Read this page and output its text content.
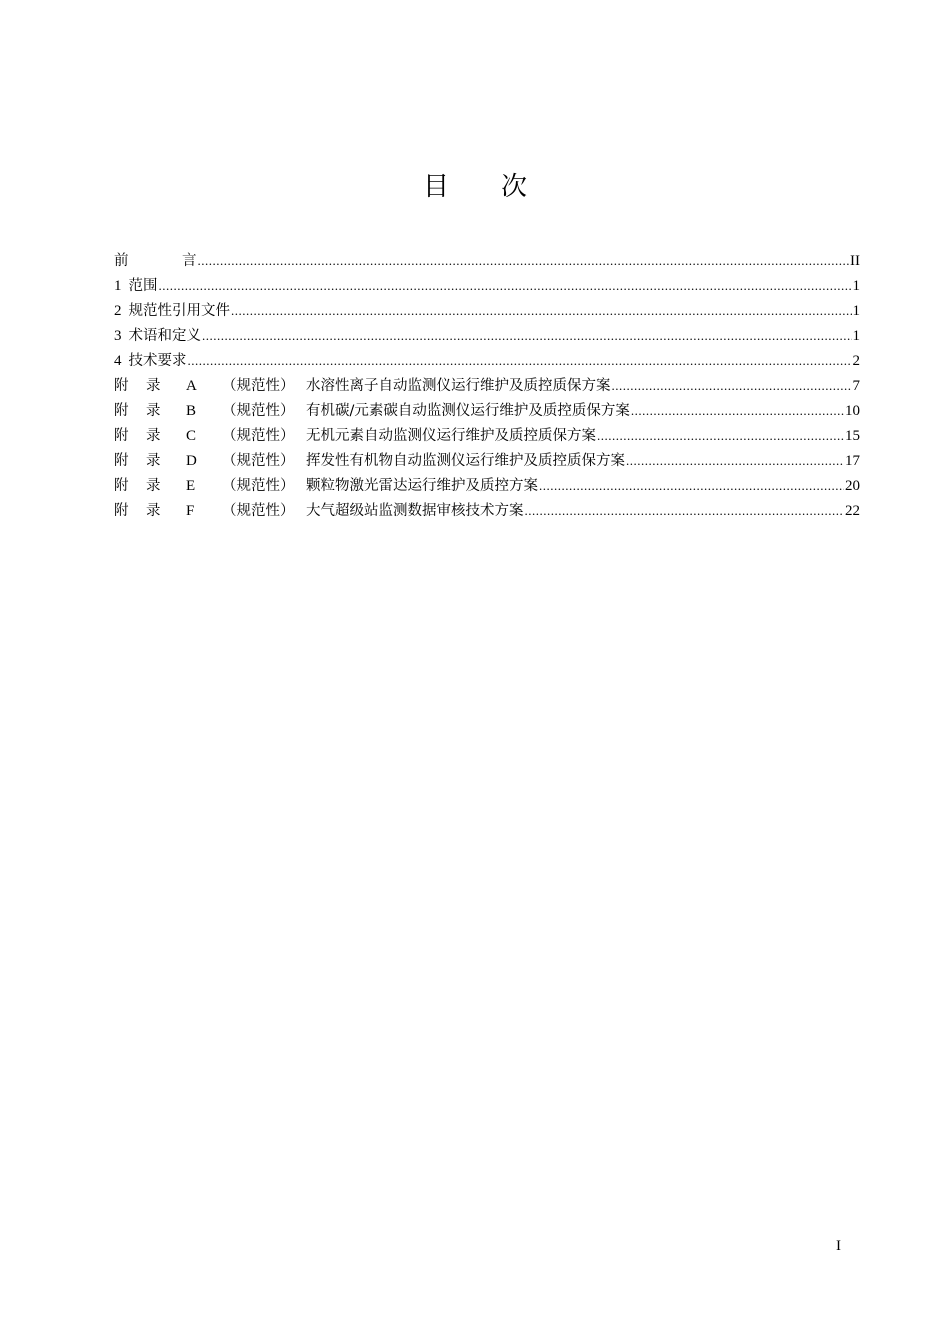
目 次
前	言 .....	II
1 范围 .....	1
2 规范性引用文件 .....	1
3 术语和定义 .....	1
4 技术要求 .....	2
附 录 A （规范性） 水溶性离子自动监测仪运行维护及质控质保方案 .....	7
附 录 B （规范性） 有机碳/元素碳自动监测仪运行维护及质控质保方案 .....	10
附 录 C （规范性） 无机元素自动监测仪运行维护及质控质保方案 .....	15
附 录 D （规范性） 挥发性有机物自动监测仪运行维护及质控质保方案 .....	17
附 录 E （规范性） 颗粒物激光雷达运行维护及质控方案 .....	20
附 录 F （规范性） 大气超级站监测数据审核技术方案 .....	22
I
